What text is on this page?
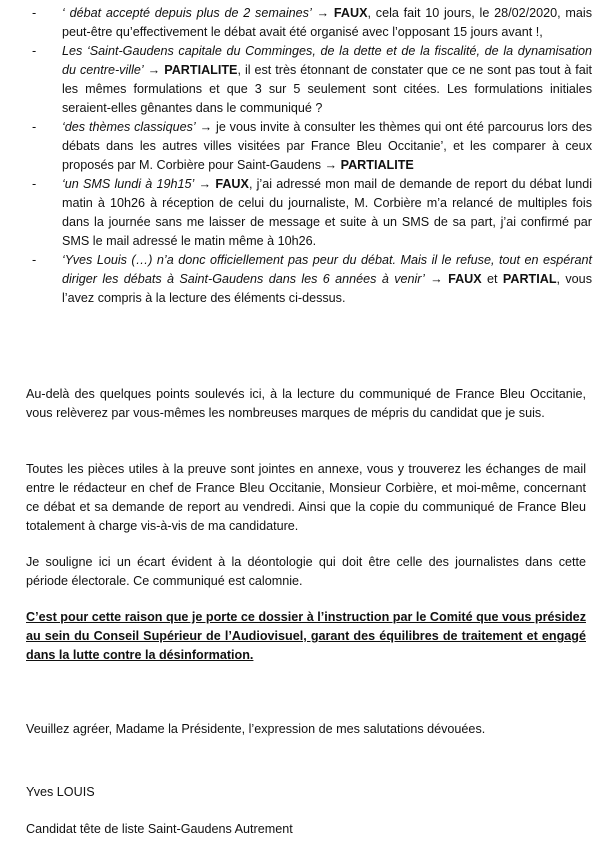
- ‘ débat accepté depuis plus de 2 semaines’ → FAUX, cela fait 10 jours, le 28/02/2020, mais peut-être qu’effectivement le débat avait été organisé avec l’opposant 15 jours avant !,
- Les ‘Saint-Gaudens capitale du Comminges, de la dette et de la fiscalité, de la dynamisation du centre-ville’ → PARTIALITE, il est très étonnant de constater que ce ne sont pas tout à fait les mêmes formulations et que 3 sur 5 seulement sont citées. Les formulations initiales seraient-elles gênantes dans le communiqué ?
- ‘des thèmes classiques’ → je vous invite à consulter les thèmes qui ont été parcourus lors des débats dans les autres villes visitées par France Bleu Occitanie’, et les comparer à ceux proposés par M. Corbière pour Saint-Gaudens → PARTIALITE
- ‘un SMS lundi à 19h15’ → FAUX, j’ai adressé mon mail de demande de report du débat lundi matin à 10h26 à réception de celui du journaliste, M. Corbière m’a relancé de multiples fois dans la journée sans me laisser de message et suite à un SMS de sa part, j’ai confirmé par SMS le mail adressé le matin même à 10h26.
- ‘Yves Louis (…) n’a donc officiellement pas peur du débat. Mais il le refuse, tout en espérant diriger les débats à Saint-Gaudens dans les 6 années à venir’ → FAUX et PARTIAL, vous l’avez compris à la lecture des éléments ci-dessus.

Au-delà des quelques points soulevés ici, à la lecture du communiqué de France Bleu Occitanie, vous relèverez par vous-mêmes les nombreuses marques de mépris du candidat que je suis.

Toutes les pièces utiles à la preuve sont jointes en annexe, vous y trouverez les échanges de mail entre le rédacteur en chef de France Bleu Occitanie, Monsieur Corbière, et moi-même, concernant ce débat et sa demande de report au vendredi. Ainsi que la copie du communiqué de France Bleu totalement à charge vis-à-vis de ma candidature.

Je souligne ici un écart évident à la déontologie qui doit être celle des journalistes dans cette période électorale. Ce communiqué est calomnie.

C’est pour cette raison que je porte ce dossier à l’instruction par le Comité que vous présidez au sein du Conseil Supérieur de l’Audiovisuel, garant des équilibres de traitement et engagé dans la lutte contre la désinformation.

Veuillez agréer, Madame la Présidente, l’expression de mes salutations dévouées.

Yves LOUIS

Candidat tête de liste Saint-Gaudens Autrement
